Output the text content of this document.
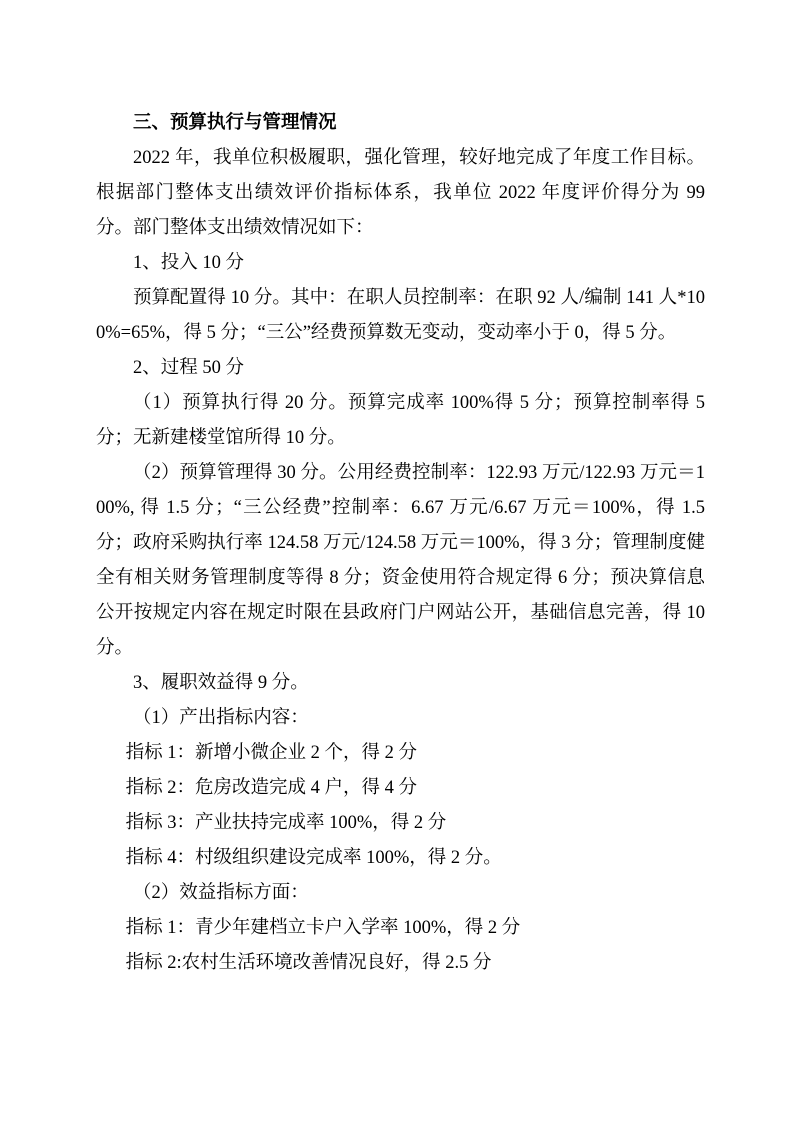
三、预算执行与管理情况

2022 年，我单位积极履职，强化管理，较好地完成了年度工作目标。根据部门整体支出绩效评价指标体系，我单位 2022 年度评价得分为 99 分。部门整体支出绩效情况如下：

1、投入 10 分

预算配置得 10 分。其中：在职人员控制率：在职 92 人/编制 141 人*100%=65%，得 5 分；“三公”经费预算数无变动，变动率小于 0，得 5 分。

2、过程 50 分

（1）预算执行得 20 分。预算完成率 100%得 5 分；预算控制率得 5 分；无新建楼堂馆所得 10 分。

（2）预算管理得 30 分。公用经费控制率：122.93 万元/122.93 万元＝100%, 得 1.5 分；“三公经费”控制率：6.67 万元/6.67 万元＝100%，得 1.5 分；政府采购执行率 124.58 万元/124.58 万元＝100%，得 3 分；管理制度健全有相关财务管理制度等得 8 分；资金使用符合规定得 6 分；预决算信息公开按规定内容在规定时限在县政府门户网站公开，基础信息完善，得 10 分。

3、履职效益得 9 分。

（1）产出指标内容：

指标 1：新增小微企业 2 个，得 2 分

指标 2：危房改造完成 4 户，得 4 分

指标 3：产业扶持完成率 100%，得 2 分

指标 4：村级组织建设完成率 100%，得 2 分。

（2）效益指标方面：

指标 1：青少年建档立卡户入学率 100%，得 2 分

指标 2:农村生活环境改善情况良好，得 2.5 分
